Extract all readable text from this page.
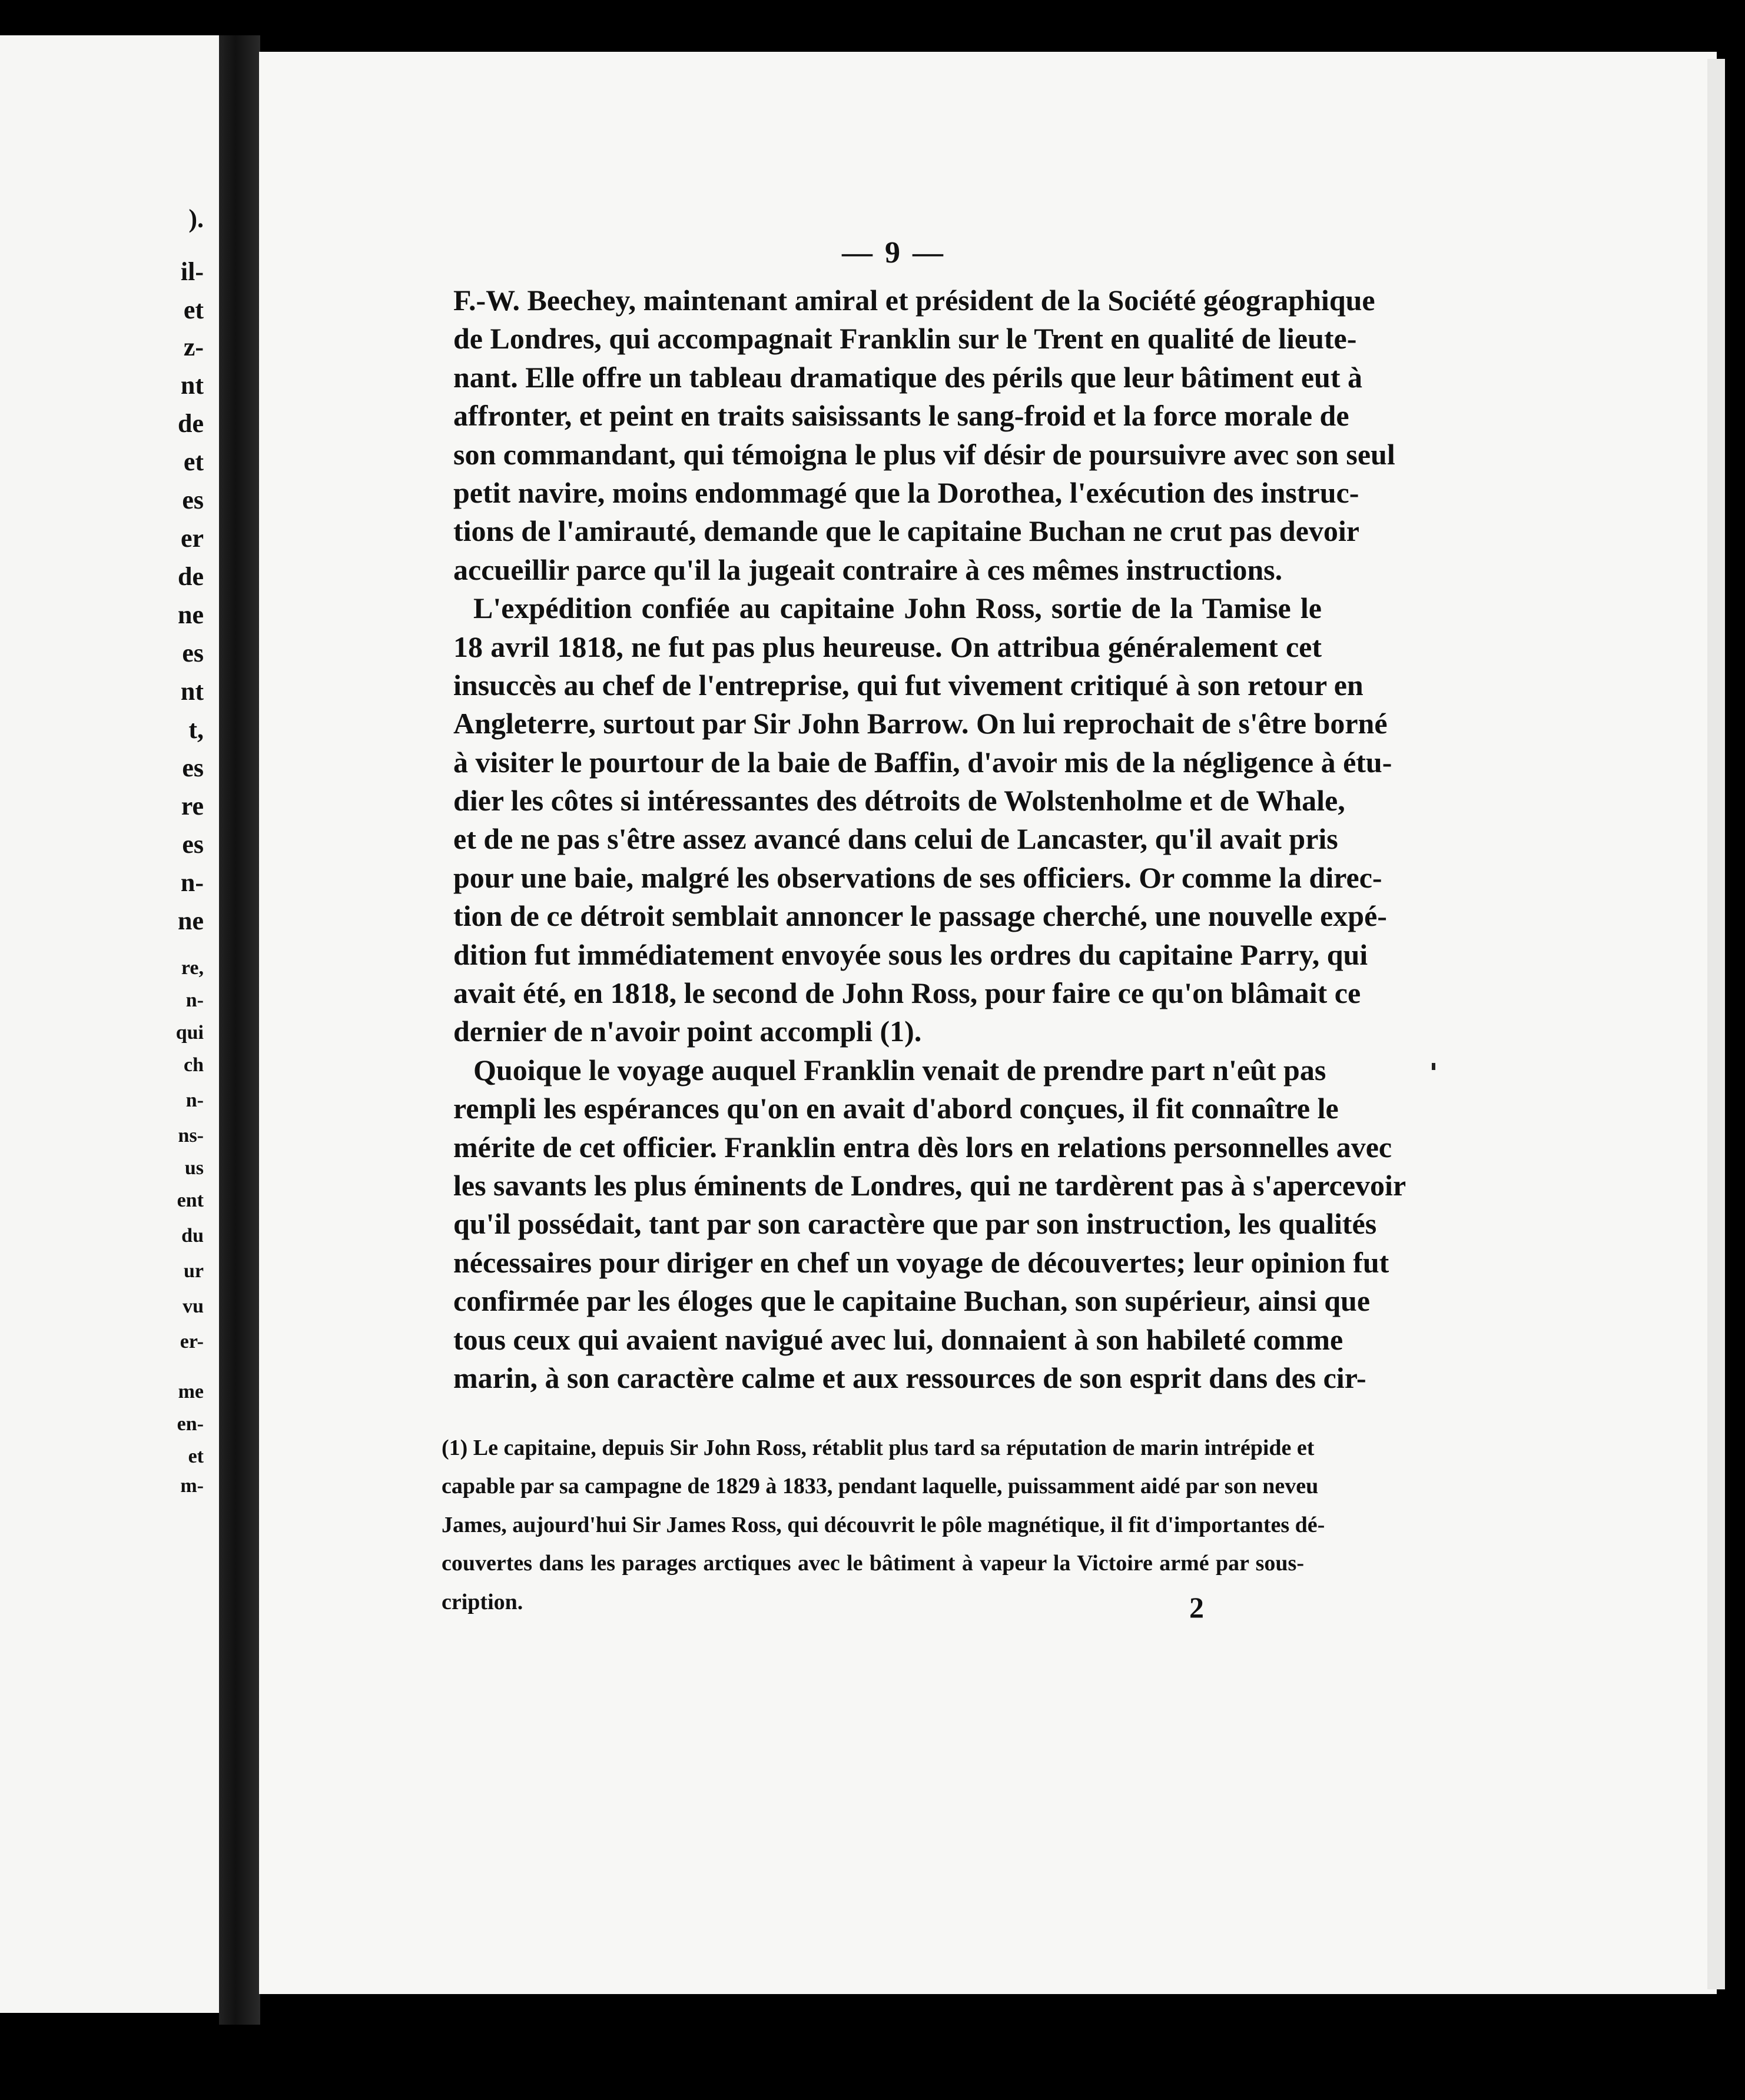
).
il-
et
z-
nt
de
et
es
er
de
ne
es
nt
t,
es
re
es
n-
ne
re,
n-
qui
ch
n-
ns-
us
ent
du
ur
vu
er-
me
en-
et
m-
— 9 —
F.-W. Beechey, maintenant amiral et président de la Société géographique
de Londres, qui accompagnait Franklin sur le Trent en qualité de lieute-
nant. Elle offre un tableau dramatique des périls que leur bâtiment eut à
affronter, et peint en traits saisissants le sang-froid et la force morale de
son commandant, qui témoigna le plus vif désir de poursuivre avec son seul
petit navire, moins endommagé que la Dorothea, l'exécution des instruc-
tions de l'amirauté, demande que le capitaine Buchan ne crut pas devoir
accueillir parce qu'il la jugeait contraire à ces mêmes instructions.
L'expédition confiée au capitaine John Ross, sortie de la Tamise le
18 avril 1818, ne fut pas plus heureuse. On attribua généralement cet
insuccès au chef de l'entreprise, qui fut vivement critiqué à son retour en
Angleterre, surtout par Sir John Barrow. On lui reprochait de s'être borné
à visiter le pourtour de la baie de Baffin, d'avoir mis de la négligence à étu-
dier les côtes si intéressantes des détroits de Wolstenholme et de Whale,
et de ne pas s'être assez avancé dans celui de Lancaster, qu'il avait pris
pour une baie, malgré les observations de ses officiers. Or comme la direc-
tion de ce détroit semblait annoncer le passage cherché, une nouvelle expé-
dition fut immédiatement envoyée sous les ordres du capitaine Parry, qui
avait été, en 1818, le second de John Ross, pour faire ce qu'on blâmait ce
dernier de n'avoir point accompli (1).
Quoique le voyage auquel Franklin venait de prendre part n'eût pas
rempli les espérances qu'on en avait d'abord conçues, il fit connaître le
mérite de cet officier. Franklin entra dès lors en relations personnelles avec
les savants les plus éminents de Londres, qui ne tardèrent pas à s'apercevoir
qu'il possédait, tant par son caractère que par son instruction, les qualités
nécessaires pour diriger en chef un voyage de découvertes; leur opinion fut
confirmée par les éloges que le capitaine Buchan, son supérieur, ainsi que
tous ceux qui avaient navigué avec lui, donnaient à son habileté comme
marin, à son caractère calme et aux ressources de son esprit dans des cir-
(1) Le capitaine, depuis Sir John Ross, rétablit plus tard sa réputation de marin intrépide et
capable par sa campagne de 1829 à 1833, pendant laquelle, puissamment aidé par son neveu
James, aujourd'hui Sir James Ross, qui découvrit le pôle magnétique, il fit d'importantes dé-
couvertes dans les parages arctiques avec le bâtiment à vapeur la Victoire armé par sous-
cription.	2
